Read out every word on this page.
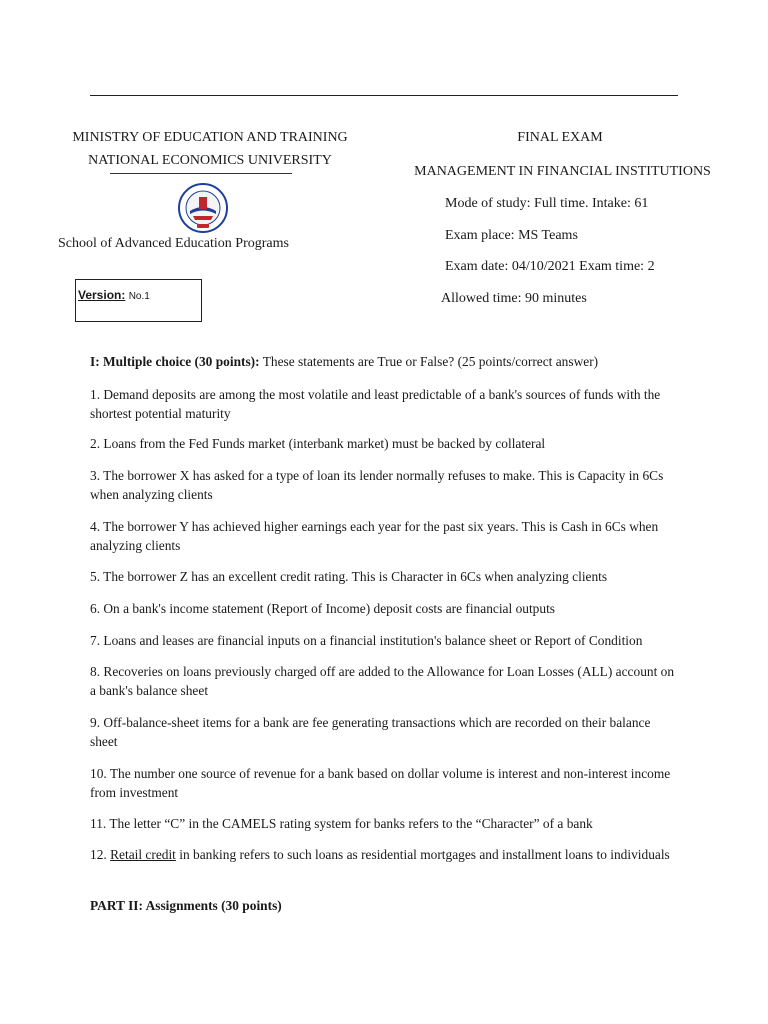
MINISTRY OF EDUCATION AND TRAINING
NATIONAL ECONOMICS UNIVERSITY
School of Advanced Education Programs
Version: No.1
FINAL EXAM
MANAGEMENT IN FINANCIAL INSTITUTIONS
Mode of study: Full time. Intake: 61
Exam place: MS Teams
Exam date: 04/10/2021 Exam time: 2
Allowed time: 90 minutes
I: Multiple choice (30 points): These statements are True or False? (25 points/correct answer)
1. Demand deposits are among the most volatile and least predictable of a bank's sources of funds with the shortest potential maturity
2. Loans from the Fed Funds market (interbank market) must be backed by collateral
3. The borrower X has asked for a type of loan its lender normally refuses to make. This is Capacity in 6Cs when analyzing clients
4. The borrower Y has achieved higher earnings each year for the past six years. This is Cash in 6Cs when analyzing clients
5. The borrower Z has an excellent credit rating. This is Character in 6Cs when analyzing clients
6. On a bank's income statement (Report of Income) deposit costs are financial outputs
7. Loans and leases are financial inputs on a financial institution's balance sheet or Report of Condition
8. Recoveries on loans previously charged off are added to the Allowance for Loan Losses (ALL) account on a bank's balance sheet
9. Off-balance-sheet items for a bank are fee generating transactions which are recorded on their balance sheet
10. The number one source of revenue for a bank based on dollar volume is interest and non-interest income from investment
11. The letter “C” in the CAMELS rating system for banks refers to the “Character” of a bank
12. Retail credit in banking refers to such loans as residential mortgages and installment loans to individuals
PART II: Assignments (30 points)
